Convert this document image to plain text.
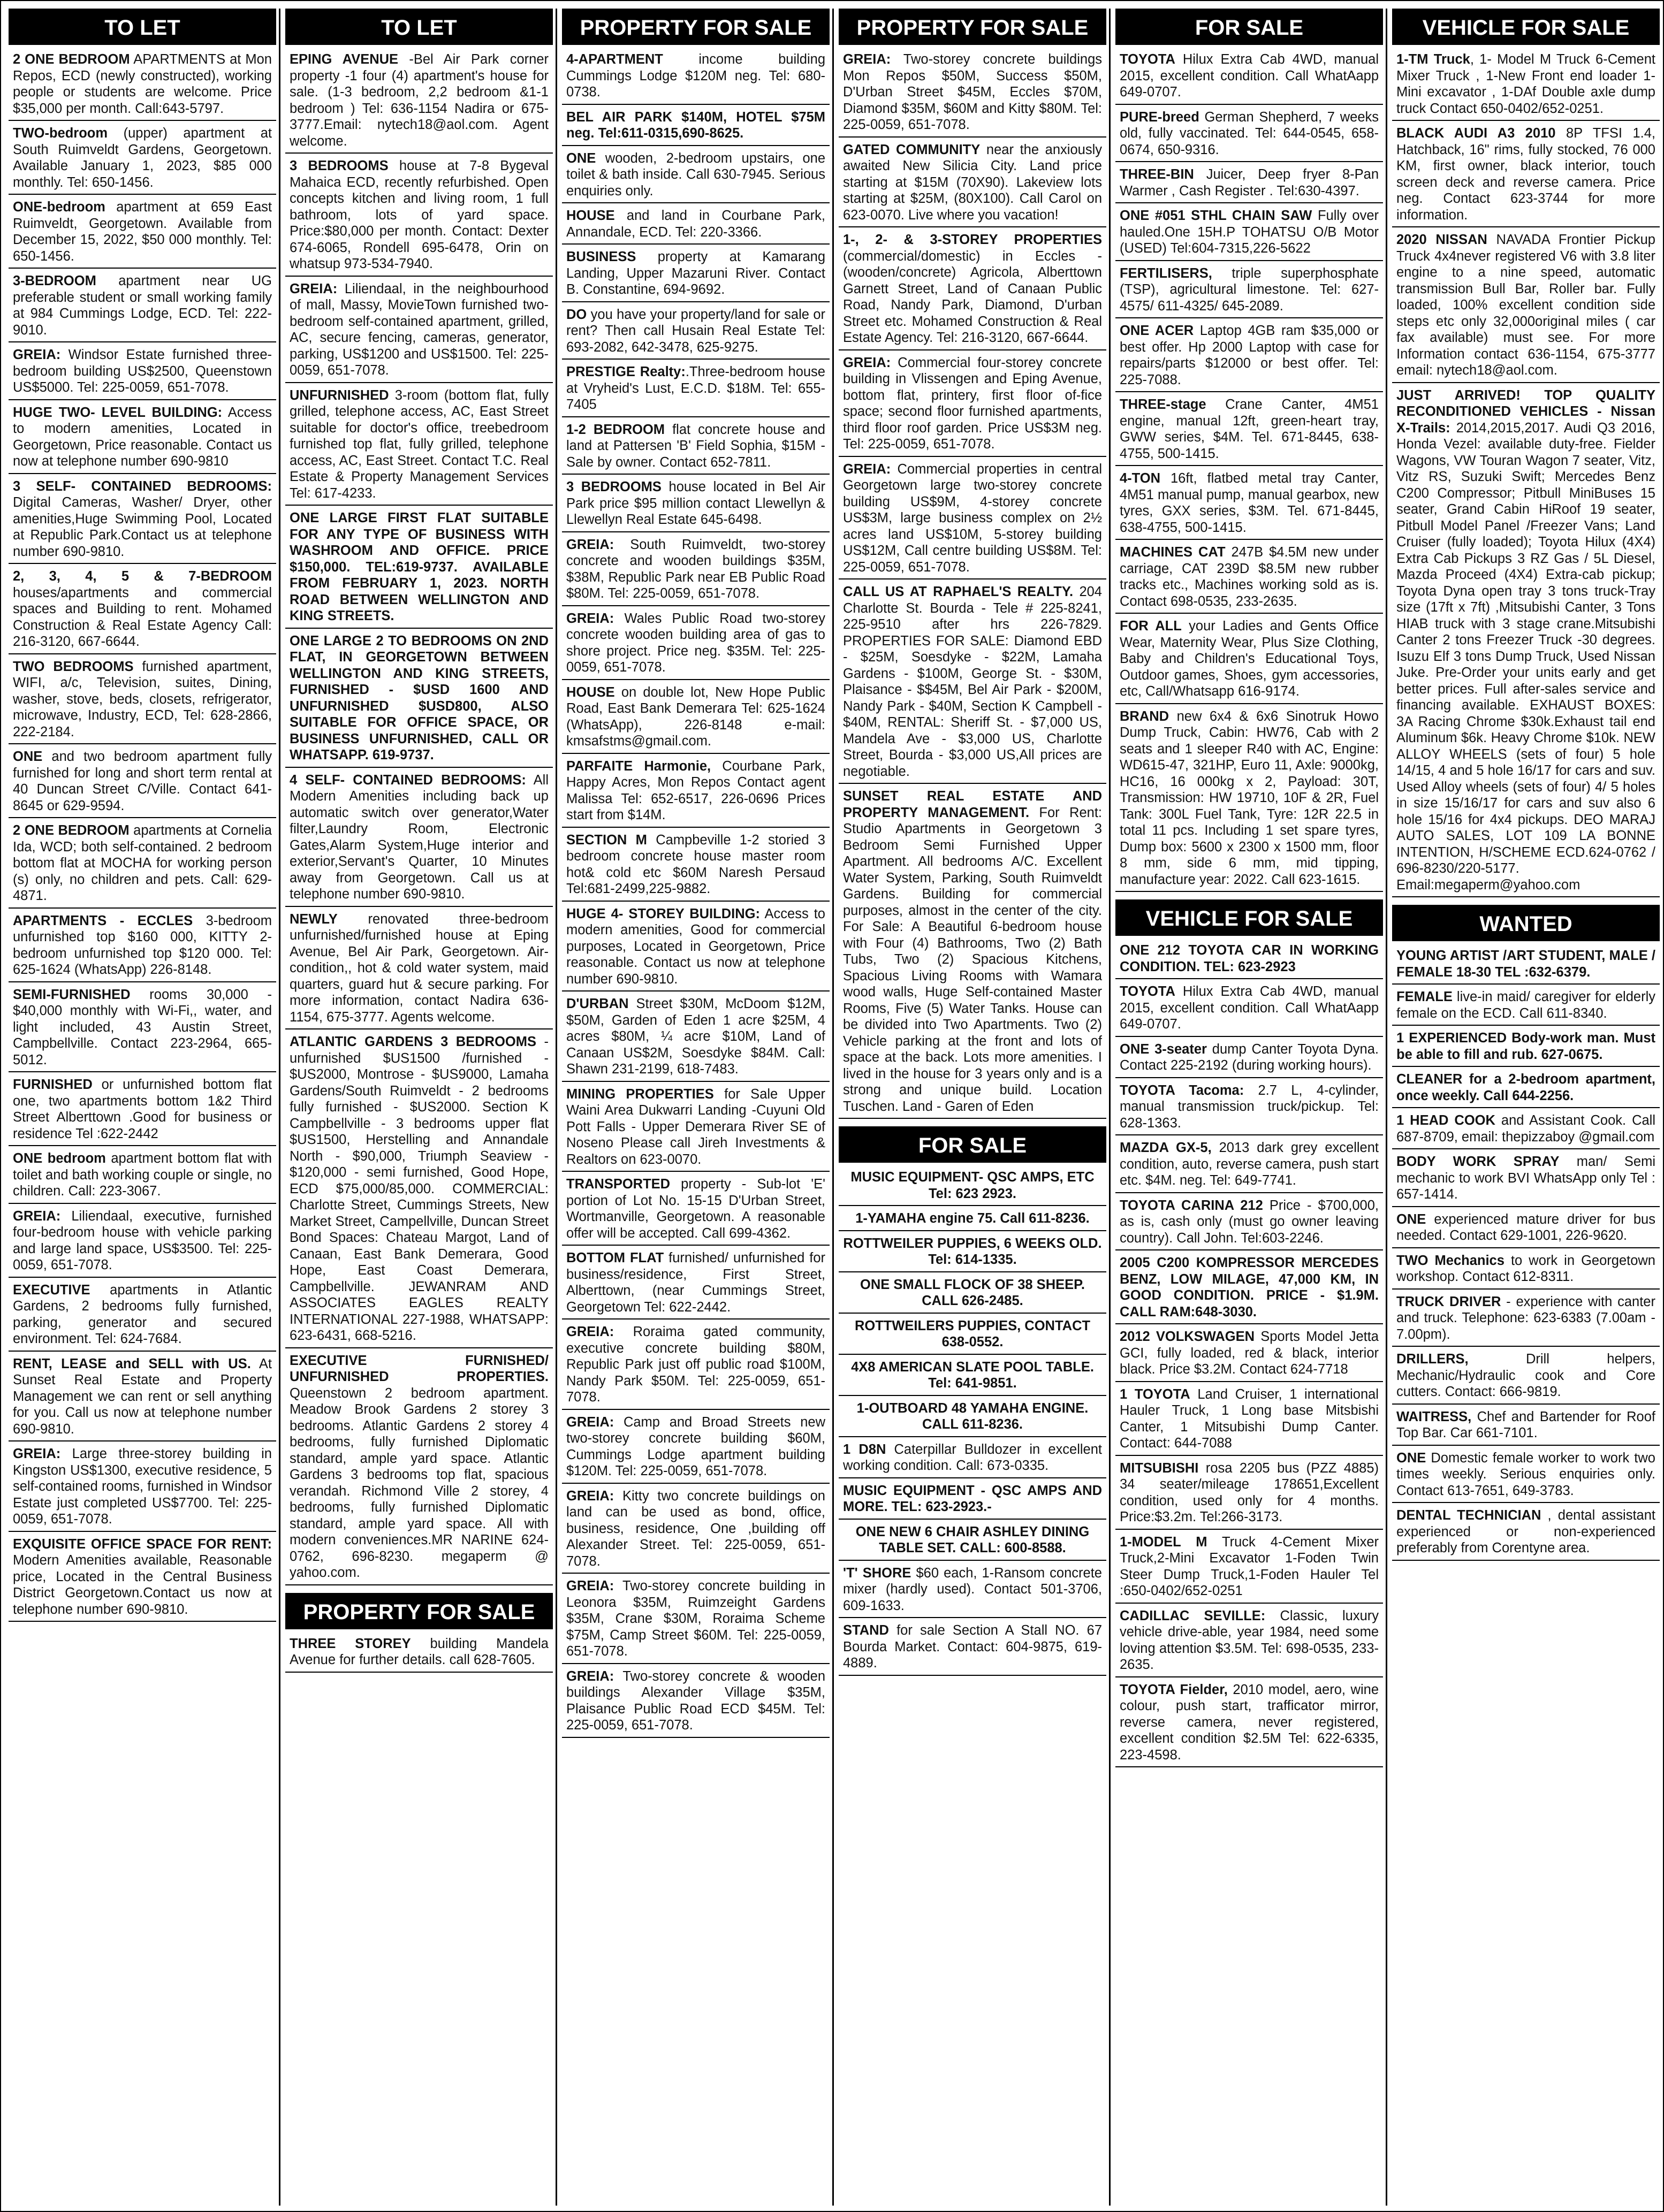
TO LET
2 ONE BEDROOM APARTMENTS at Mon Repos, ECD (newly constructed), working people or students are welcome. Price $35,000 per month. Call:643-5797.
TWO-bedroom (upper) apartment at South Ruimveldt Gardens, Georgetown. Available January 1, 2023, $85 000 monthly. Tel: 650-1456.
ONE-bedroom apartment at 659 East Ruimveldt, Georgetown. Available from December 15, 2022, $50 000 monthly. Tel: 650-1456.
3-BEDROOM apartment near UG preferable student or small working family at 984 Cummings Lodge, ECD. Tel: 222-9010.
GREIA: Windsor Estate furnished three-bedroom building US$2500, Queenstown US$5000. Tel: 225-0059, 651-7078.
HUGE TWO- LEVEL BUILDING: Access to modern amenities, Located in Georgetown, Price reasonable. Contact us now at telephone number 690-9810
3 SELF- CONTAINED BEDROOMS: Digital Cameras, Washer/ Dryer, other amenities,Huge Swimming Pool, Located at Republic Park.Contact us at telephone number 690-9810.
2, 3, 4, 5 & 7-BEDROOM houses/apartments and commercial spaces and Building to rent. Mohamed Construction & Real Estate Agency Call: 216-3120, 667-6644.
TWO BEDROOMS furnished apartment, WIFI, a/c, Television, suites, Dining, washer, stove, beds, closets, refrigerator, microwave, Industry, ECD, Tel: 628-2866, 222-2184.
ONE and two bedroom apartment fully furnished for long and short term rental at 40 Duncan Street C/Ville. Contact 641-8645 or 629-9594.
2 ONE BEDROOM apartments at Cornelia Ida, WCD; both self-contained. 2 bedroom bottom flat at MOCHA for working person (s) only, no children and pets. Call: 629-4871.
APARTMENTS - ECCLES 3-bedroom unfurnished top $160 000, KITTY 2-bedroom unfurnished top $120 000. Tel: 625-1624 (WhatsApp) 226-8148.
SEMI-FURNISHED rooms 30,000 - $40,000 monthly with Wi-Fi,, water, and light included, 43 Austin Street, Campbellville. Contact 223-2964, 665-5012.
FURNISHED or unfurnished bottom flat one, two apartments bottom 1&2 Third Street Alberttown .Good for business or residence Tel :622-2442
ONE bedroom apartment bottom flat with toilet and bath working couple or single, no children. Call: 223-3067.
GREIA: Liliendaal, executive, furnished four-bedroom house with vehicle parking and large land space, US$3500. Tel: 225-0059, 651-7078.
EXECUTIVE apartments in Atlantic Gardens, 2 bedrooms fully furnished, parking, generator and secured environment. Tel: 624-7684.
RENT, LEASE and SELL with US. At Sunset Real Estate and Property Management we can rent or sell anything for you. Call us now at telephone number 690-9810.
GREIA: Large three-storey building in Kingston US$1300, executive residence, 5 self-contained rooms, furnished in Windsor Estate just completed US$7700. Tel: 225-0059, 651-7078.
EXQUISITE OFFICE SPACE FOR RENT: Modern Amenities available, Reasonable price, Located in the Central Business District Georgetown.Contact us now at telephone number 690-9810.
TO LET
EPING AVENUE -Bel Air Park corner property -1 four (4) apartment's house for sale. (1-3 bedroom, 2,2 bedroom &1-1 bedroom ) Tel: 636-1154 Nadira or 675-3777.Email: nytech18@aol.com. Agent welcome.
3 BEDROOMS house at 7-8 Bygeval Mahaica ECD, recently refurbished. Open concepts kitchen and living room, 1 full bathroom, lots of yard space. Price:$80,000 per month. Contact: Dexter 674-6065, Rondell 695-6478, Orin on whatsup 973-534-7940.
GREIA: Liliendaal, in the neighbourhood of mall, Massy, MovieTown furnished two-bedroom self-contained apartment, grilled, AC, secure fencing, cameras, generator, parking, US$1200 and US$1500. Tel: 225-0059, 651-7078.
UNFURNISHED 3-room (bottom flat, fully grilled, telephone access, AC, East Street suitable for doctor's office, treebedroom furnished top flat, fully grilled, telephone access, AC, East Street. Contact T.C. Real Estate & Property Management Services Tel: 617-4233.
ONE LARGE FIRST FLAT SUITABLE FOR ANY TYPE OF BUSINESS WITH WASHROOM AND OFFICE. PRICE $150,000. TEL:619-9737. AVAILABLE FROM FEBRUARY 1, 2023. NORTH ROAD BETWEEN WELLINGTON AND KING STREETS.
ONE LARGE 2 TO BEDROOMS ON 2ND FLAT, IN GEORGETOWN BETWEEN WELLINGTON AND KING STREETS, FURNISHED - $USD 1600 AND UNFURNISHED $USD800, ALSO SUITABLE FOR OFFICE SPACE, OR BUSINESS UNFURNISHED, CALL OR WHATSAPP. 619-9737.
4 SELF- CONTAINED BEDROOMS: All Modern Amenities including back up automatic switch over generator,Water filter,Laundry Room, Electronic Gates,Alarm System,Huge interior and exterior,Servant's Quarter, 10 Minutes away from Georgetown. Call us at telephone number 690-9810.
NEWLY renovated three-bedroom unfurnished/furnished house at Eping Avenue, Bel Air Park, Georgetown. Air-condition,, hot & cold water system, maid quarters, guard hut & secure parking. For more information, contact Nadira 636-1154, 675-3777. Agents welcome.
ATLANTIC GARDENS 3 BEDROOMS - unfurnished $US1500 /furnished - $US2000, Montrose - $US9000, Lamaha Gardens/South Ruimveldt - 2 bedrooms fully furnished - $US2000. Section K Campbellville - 3 bedrooms upper flat $US1500, Herstelling and Annandale North - $90,000, Triumph Seaview - $120,000 - semi furnished, Good Hope, ECD $75,000/85,000. COMMERCIAL: Charlotte Street, Cummings Streets, New Market Street, Campellville, Duncan Street Bond Spaces: Chateau Margot, Land of Canaan, East Bank Demerara, Good Hope, East Coast Demerara, Campbellville. JEWANRAM AND ASSOCIATES EAGLES REALTY INTERNATIONAL 227-1988, WHATSAPP: 623-6431, 668-5216.
EXECUTIVE FURNISHED/ UNFURNISHED PROPERTIES. Queenstown 2 bedroom apartment. Meadow Brook Gardens 2 storey 3 bedrooms. Atlantic Gardens 2 storey 4 bedrooms, fully furnished Diplomatic standard, ample yard space. Atlantic Gardens 3 bedrooms top flat, spacious verandah. Richmond Ville 2 storey, 4 bedrooms, fully furnished Diplomatic standard, ample yard space. All with modern conveniences.MR NARINE 624-0762, 696-8230. megaperm @ yahoo.com.
PROPERTY FOR SALE
THREE STOREY building Mandela Avenue for further details. call 628-7605.
PROPERTY FOR SALE
4-APARTMENT income building Cummings Lodge $120M neg. Tel: 680-0738.
BEL AIR PARK $140M, HOTEL $75M neg. Tel:611-0315,690-8625.
ONE wooden, 2-bedroom upstairs, one toilet & bath inside. Call 630-7945. Serious enquiries only.
HOUSE and land in Courbane Park, Annandale, ECD. Tel: 220-3366.
BUSINESS property at Kamarang Landing, Upper Mazaruni River. Contact B. Constantine, 694-9692.
DO you have your property/land for sale or rent? Then call Husain Real Estate Tel: 693-2082, 642-3478, 625-9275.
PRESTIGE Realty:.Three-bedroom house at Vryheid's Lust, E.C.D. $18M. Tel: 655-7405
1-2 BEDROOM flat concrete house and land at Pattersen 'B' Field Sophia, $15M - Sale by owner. Contact 652-7811.
3 BEDROOMS house located in Bel Air Park price $95 million contact Llewellyn & Llewellyn Real Estate 645-6498.
GREIA: South Ruimveldt, two-storey concrete and wooden buildings $35M, $38M, Republic Park near EB Public Road $80M. Tel: 225-0059, 651-7078.
GREIA: Wales Public Road two-storey concrete wooden building area of gas to shore project. Price neg. $35M. Tel: 225-0059, 651-7078.
HOUSE on double lot, New Hope Public Road, East Bank Demerara Tel: 625-1624 (WhatsApp), 226-8148 e-mail: kmsafstms@gmail.com.
PARFAITE Harmonie, Courbane Park, Happy Acres, Mon Repos Contact agent Malissa Tel: 652-6517, 226-0696 Prices start from $14M.
SECTION M Campbeville 1-2 storied 3 bedroom concrete house master room hot& cold etc $60M Naresh Persaud Tel:681-2499,225-9882.
HUGE 4- STOREY BUILDING: Access to modern amenities, Good for commercial purposes, Located in Georgetown, Price reasonable. Contact us now at telephone number 690-9810.
D'URBAN Street $30M, McDoom $12M, $50M, Garden of Eden 1 acre $25M, 4 acres $80M, ¼ acre $10M, Land of Canaan US$2M, Soesdyke $84M. Call: Shawn 231-2199, 618-7483.
MINING PROPERTIES for Sale Upper Waini Area Dukwarri Landing -Cuyuni Old Pott Falls - Upper Demerara River SE of Noseno Please call Jireh Investments & Realtors on 623-0070.
TRANSPORTED property - Sub-lot 'E' portion of Lot No. 15-15 D'Urban Street, Wortmanville, Georgetown. A reasonable offer will be accepted. Call 699-4362.
BOTTOM FLAT furnished/ unfurnished for business/residence, First Street, Alberttown, (near Cummings Street, Georgetown Tel: 622-2442.
GREIA: Roraima gated community, executive concrete building $80M, Republic Park just off public road $100M, Nandy Park $50M. Tel: 225-0059, 651-7078.
GREIA: Camp and Broad Streets new two-storey concrete building $60M, Cummings Lodge apartment building $120M. Tel: 225-0059, 651-7078.
GREIA: Kitty two concrete buildings on land can be used as bond, office, business, residence, One ,building off Alexander Street. Tel: 225-0059, 651-7078.
GREIA: Two-storey concrete building in Leonora $35M, Ruimzeight Gardens $35M, Crane $30M, Roraima Scheme $75M, Camp Street $60M. Tel: 225-0059, 651-7078.
GREIA: Two-storey concrete & wooden buildings Alexander Village $35M, Plaisance Public Road ECD $45M. Tel: 225-0059, 651-7078.
PROPERTY FOR SALE
GREIA: Two-storey concrete buildings Mon Repos $50M, Success $50M, D'Urban Street $45M, Eccles $70M, Diamond $35M, $60M and Kitty $80M. Tel: 225-0059, 651-7078.
GATED COMMUNITY near the anxiously awaited New Silicia City. Land price starting at $15M (70X90). Lakeview lots starting at $25M, (80X100). Call Carol on 623-0070. Live where you vacation!
1-, 2- & 3-STOREY PROPERTIES (commercial/domestic) in Eccles - (wooden/concrete) Agricola, Alberttown Garnett Street, Land of Canaan Public Road, Nandy Park, Diamond, D'urban Street etc. Mohamed Construction & Real Estate Agency. Tel: 216-3120, 667-6644.
GREIA: Commercial four-storey concrete building in Vlissengen and Eping Avenue, bottom flat, printery, first floor of-fice space; second floor furnished apartments, third floor roof garden. Price US$3M neg. Tel: 225-0059, 651-7078.
GREIA: Commercial properties in central Georgetown large two-storey concrete building US$9M, 4-storey concrete US$3M, large business complex on 2½ acres land US$10M, 5-storey building US$12M, Call centre building US$8M. Tel: 225-0059, 651-7078.
CALL US AT RAPHAEL'S REALTY. 204 Charlotte St. Bourda - Tele # 225-8241, 225-9510 after hrs 226-7829. PROPERTIES FOR SALE: Diamond EBD - $25M, Soesdyke - $22M, Lamaha Gardens - $100M, George St. - $30M, Plaisance - $$45M, Bel Air Park - $200M, Nandy Park - $40M, Section K Campbell - $40M, RENTAL: Sheriff St. - $7,000 US, Mandela Ave - $3,000 US, Charlotte Street, Bourda - $3,000 US,All prices are negotiable.
SUNSET REAL ESTATE AND PROPERTY MANAGEMENT. For Rent: Studio Apartments in Georgetown 3 Bedroom Semi Furnished Upper Apartment. All bedrooms A/C. Excellent Water System, Parking, South Ruimveldt Gardens. Building for commercial purposes, almost in the center of the city. For Sale: A Beautiful 6-bedroom house with Four (4) Bathrooms, Two (2) Bath Tubs, Two (2) Spacious Kitchens, Spacious Living Rooms with Wamara wood walls, Huge Self-contained Master Rooms, Five (5) Water Tanks. House can be divided into Two Apartments. Two (2) Vehicle parking at the front and lots of space at the back. Lots more amenities. I lived in the house for 3 years only and is a strong and unique build. Location Tuschen. Land - Garen of Eden
FOR SALE
MUSIC EQUIPMENT- QSC AMPS, ETC Tel: 623 2923.
1-YAMAHA engine 75. Call 611-8236.
ROTTWEILER PUPPIES, 6 WEEKS OLD. Tel: 614-1335.
ONE SMALL FLOCK OF 38 SHEEP. CALL 626-2485.
ROTTWEILERS PUPPIES, CONTACT 638-0552.
4X8 AMERICAN SLATE POOL TABLE. Tel: 641-9851.
1-OUTBOARD 48 YAMAHA ENGINE. CALL 611-8236.
1 D8N Caterpillar Bulldozer in excellent working condition. Call: 673-0335.
MUSIC EQUIPMENT - QSC AMPS AND MORE. TEL: 623-2923.-
ONE NEW 6 CHAIR ASHLEY DINING TABLE SET. CALL: 600-8588.
'T' SHORE $60 each, 1-Ransom concrete mixer (hardly used). Contact 501-3706, 609-1633.
STAND for sale Section A Stall NO. 67 Bourda Market. Contact: 604-9875, 619-4889.
FOR SALE
TOYOTA Hilux Extra Cab 4WD, manual 2015, excellent condition. Call WhatAapp 649-0707.
PURE-breed German Shepherd, 7 weeks old, fully vaccinated. Tel: 644-0545, 658-0674, 650-9316.
THREE-BIN Juicer, Deep fryer 8-Pan Warmer , Cash Register . Tel:630-4397.
ONE #051 STHL CHAIN SAW Fully over hauled.One 15H.P TOHATSU O/B Motor (USED) Tel:604-7315,226-5622
FERTILISERS, triple superphosphate (TSP), agricultural limestone. Tel: 627-4575/ 611-4325/ 645-2089.
ONE ACER Laptop 4GB ram $35,000 or best offer. Hp 2000 Laptop with case for repairs/parts $12000 or best offer. Tel: 225-7088.
THREE-stage Crane Canter, 4M51 engine, manual 12ft, green-heart tray, GWW series, $4M. Tel. 671-8445, 638-4755, 500-1415.
4-TON 16ft, flatbed metal tray Canter, 4M51 manual pump, manual gearbox, new tyres, GXX series, $3M. Tel. 671-8445, 638-4755, 500-1415.
MACHINES CAT 247B $4.5M new under carriage, CAT 239D $8.5M new rubber tracks etc., Machines working sold as is. Contact 698-0535, 233-2635.
FOR ALL your Ladies and Gents Office Wear, Maternity Wear, Plus Size Clothing, Baby and Children's Educational Toys, Outdoor games, Shoes, gym accessories, etc, Call/Whatsapp 616-9174.
BRAND new 6x4 & 6x6 Sinotruk Howo Dump Truck, Cabin: HW76, Cab with 2 seats and 1 sleeper R40 with AC, Engine: WD615-47, 321HP, Euro 11, Axle: 9000kg, HC16, 16 000kg x 2, Payload: 30T, Transmission: HW 19710, 10F & 2R, Fuel Tank: 300L Fuel Tank, Tyre: 12R 22.5 in total 11 pcs. Including 1 set spare tyres, Dump box: 5600 x 2300 x 1500 mm, floor 8 mm, side 6 mm, mid tipping, manufacture year: 2022. Call 623-1615.
VEHICLE FOR SALE
ONE 212 TOYOTA CAR IN WORKING CONDITION. TEL: 623-2923
TOYOTA Hilux Extra Cab 4WD, manual 2015, excellent condition. Call WhatAapp 649-0707.
ONE 3-seater dump Canter Toyota Dyna. Contact 225-2192 (during working hours).
TOYOTA Tacoma: 2.7 L, 4-cylinder, manual transmission truck/pickup. Tel: 628-1363.
MAZDA GX-5, 2013 dark grey excellent condition, auto, reverse camera, push start etc. $4M. neg. Tel: 649-7741.
TOYOTA CARINA 212 Price - $700,000, as is, cash only (must go owner leaving country). Call John. Tel:603-2246.
2005 C200 KOMPRESSOR MERCEDES BENZ, LOW MILAGE, 47,000 KM, IN GOOD CONDITION. PRICE - $1.9M. CALL RAM:648-3030.
2012 VOLKSWAGEN Sports Model Jetta GCI, fully loaded, red & black, interior black. Price $3.2M. Contact 624-7718
1 TOYOTA Land Cruiser, 1 international Hauler Truck, 1 Long base Mitsbishi Canter, 1 Mitsubishi Dump Canter. Contact: 644-7088
MITSUBISHI rosa 2205 bus (PZZ 4885) 34 seater/mileage 178651,Excellent condition, used only for 4 months. Price:$3.2m. Tel:266-3173.
1-MODEL M Truck 4-Cement Mixer Truck,2-Mini Excavator 1-Foden Twin Steer Dump Truck,1-Foden Hauler Tel :650-0402/652-0251
CADILLAC SEVILLE: Classic, luxury vehicle drive-able, year 1984, need some loving attention $3.5M. Tel: 698-0535, 233-2635.
TOYOTA Fielder, 2010 model, aero, wine colour, push start, trafficator mirror, reverse camera, never registered, excellent condition $2.5M Tel: 622-6335, 223-4598.
VEHICLE FOR SALE
1-TM Truck, 1- Model M Truck 6-Cement Mixer Truck , 1-New Front end loader 1-Mini excavator , 1-DAf Double axle dump truck Contact 650-0402/652-0251.
BLACK AUDI A3 2010 8P TFSI 1.4, Hatchback, 16" rims, fully stocked, 76 000 KM, first owner, black interior, touch screen deck and reverse camera. Price neg. Contact 623-3744 for more information.
2020 NISSAN NAVADA Frontier Pickup Truck 4x4never registered V6 with 3.8 liter engine to a nine speed, automatic transmission Bull Bar, Roller bar. Fully loaded, 100% excellent condition side steps etc only 32,000original miles ( car fax available) must see. For more Information contact 636-1154, 675-3777 email: nytech18@aol.com.
JUST ARRIVED! TOP QUALITY RECONDITIONED VEHICLES - Nissan X-Trails: 2014,2015,2017. Audi Q3 2016, Honda Vezel: available duty-free. Fielder Wagons, VW Touran Wagon 7 seater, Vitz, Vitz RS, Suzuki Swift; Mercedes Benz C200 Compressor; Pitbull MiniBuses 15 seater, Grand Cabin HiRoof 19 seater, Pitbull Model Panel /Freezer Vans; Land Cruiser (fully loaded); Toyota Hilux (4X4) Extra Cab Pickups 3 RZ Gas / 5L Diesel, Mazda Proceed (4X4) Extra-cab pickup; Toyota Dyna open tray 3 tons truck-Tray size (17ft x 7ft) ,Mitsubishi Canter, 3 Tons HIAB truck with 3 stage crane.Mitsubishi Canter 2 tons Freezer Truck -30 degrees. Isuzu Elf 3 tons Dump Truck, Used Nissan Juke. Pre-Order your units early and get better prices. Full after-sales service and financing available. EXHAUST BOXES: 3A Racing Chrome $30k.Exhaust tail end Aluminum $6k. Heavy Chrome $10k. NEW ALLOY WHEELS (sets of four) 5 hole 14/15, 4 and 5 hole 16/17 for cars and suv. Used Alloy wheels (sets of four) 4/ 5 holes in size 15/16/17 for cars and suv also 6 hole 15/16 for 4x4 pickups. DEO MARAJ AUTO SALES, LOT 109 LA BONNE INTENTION, H/SCHEME ECD.624-0762 / 696-8230/220-5177. Email:megaperm@yahoo.com
WANTED
YOUNG ARTIST /ART STUDENT, MALE / FEMALE 18-30 TEL :632-6379.
FEMALE live-in maid/ caregiver for elderly female on the ECD. Call 611-8340.
1 EXPERIENCED Body-work man. Must be able to fill and rub. 627-0675.
CLEANER for a 2-bedroom apartment, once weekly. Call 644-2256.
1 HEAD COOK and Assistant Cook. Call 687-8709, email: thepizzaboy @gmail.com
BODY WORK SPRAY man/ Semi mechanic to work BVI WhatsApp only Tel : 657-1414.
ONE experienced mature driver for bus needed. Contact 629-1001, 226-9620.
TWO Mechanics to work in Georgetown workshop. Contact 612-8311.
TRUCK DRIVER - experience with canter and truck. Telephone: 623-6383 (7.00am - 7.00pm).
DRILLERS, Drill helpers, Mechanic/Hydraulic cook and Core cutters. Contact: 666-9819.
WAITRESS, Chef and Bartender for Roof Top Bar. Car 661-7101.
ONE Domestic female worker to work two times weekly. Serious enquiries only. Contact 613-7651, 649-3783.
DENTAL TECHNICIAN , dental assistant experienced or non-experienced preferably from Corentyne area.
